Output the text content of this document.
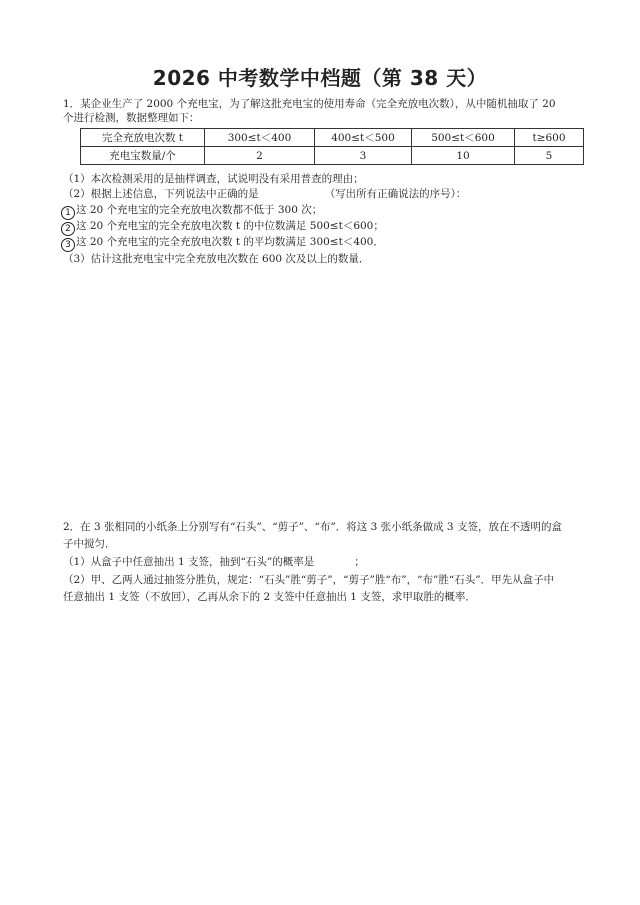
2026 中考数学中档题（第 38 天）
1．某企业生产了 2000 个充电宝，为了解这批充电宝的使用寿命（完全充放电次数），从中随机抽取了 20
个进行检测，数据整理如下：
完全充放电次数 t	300≤t＜400	400≤t＜500	500≤t＜600	t≥600
充电宝数量/个	2	3	10	5
（1）本次检测采用的是抽样调查，试说明没有采用普查的理由；
（2）根据上述信息，下列说法中正确的是	（写出所有正确说法的序号）：
1 这 20 个充电宝的完全充放电次数都不低于 300 次；
2 这 20 个充电宝的完全充放电次数 t 的中位数满足 500≤t＜600；
3 这 20 个充电宝的完全充放电次数 t 的平均数满足 300≤t＜400．
（3）估计这批充电宝中完全充放电次数在 600 次及以上的数量．
2．在 3 张相同的小纸条上分别写有“石头”、“剪子”、“布”．将这 3 张小纸条做成 3 支签，放在不透明的盒
子中搅匀．
（1）从盒子中任意抽出 1 支签，抽到“石头”的概率是	；
（2）甲、乙两人通过抽签分胜负，规定：“石头”胜“剪子”，“剪子”胜“布”，“布”胜“石头”．甲先从盒子中
任意抽出 1 支签（不放回），乙再从余下的 2 支签中任意抽出 1 支签，求甲取胜的概率．
